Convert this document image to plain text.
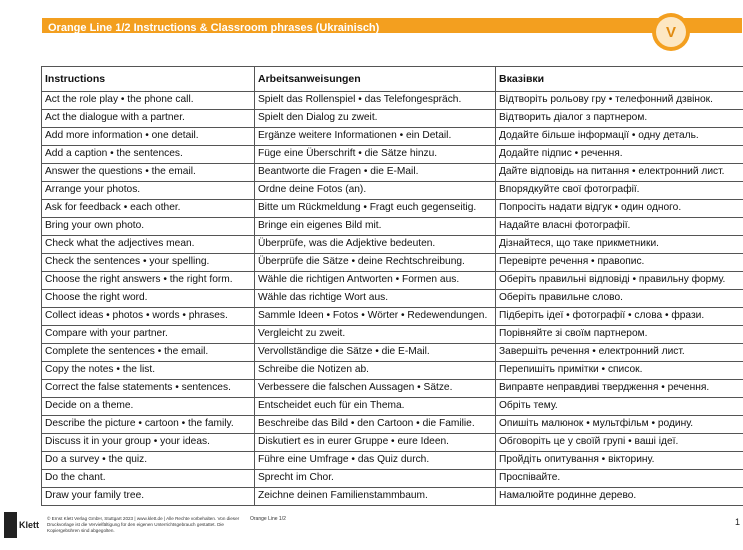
Orange Line 1/2 Instructions & Classroom phrases (Ukrainisch)	V
Instructions	Arbeitsanweisungen	Вказівки
Act the role play • the phone call.	Spielt das Rollenspiel • das Telefongespräch.	Відтворіть рольову гру • телефонний дзвінок.
Act the dialogue with a partner.	Spielt den Dialog zu zweit.	Відтворить діалог з партнером.
Add more information • one detail.	Ergänze weitere Informationen • ein Detail.	Додайте більше інформації • одну деталь.
Add a caption • the sentences.	Füge eine Überschrift • die Sätze hinzu.	Додайте підпис • речення.
Answer the questions • the email.	Beantworte die Fragen • die E-Mail.	Дайте відповідь на питання • електронний лист.
Arrange your photos.	Ordne deine Fotos (an).	Впорядкуйте свої фотографії.
Ask for feedback • each other.	Bitte um Rückmeldung • Fragt euch gegenseitig.	Попросіть надати відгук • один одного.
Bring your own photo.	Bringe ein eigenes Bild mit.	Надайте власні фотографії.
Check what the adjectives mean.	Überprüfe, was die Adjektive bedeuten.	Дізнайтеся, що таке прикметники.
Check the sentences • your spelling.	Überprüfe die Sätze • deine Rechtschreibung.	Перевірте речення • правопис.
Choose the right answers • the right form.	Wähle die richtigen Antworten • Formen aus.	Оберіть правильні відповіді • правильну форму.
Choose the right word.	Wähle das richtige Wort aus.	Оберіть правильне слово.
Collect ideas • photos • words • phrases.	Sammle Ideen • Fotos • Wörter • Redewendungen.	Підберіть ідеї • фотографії • слова • фрази.
Compare with your partner.	Vergleicht zu zweit.	Порівняйте зі своїм партнером.
Complete the sentences • the email.	Vervollständige die Sätze • die E-Mail.	Завершіть речення • електронний лист.
Copy the notes • the list.	Schreibe die Notizen ab.	Перепишіть примітки • список.
Correct the false statements • sentences.	Verbessere die falschen Aussagen • Sätze.	Виправте неправдиві твердження • речення.
Decide on a theme.	Entscheidet euch für ein Thema.	Обріть тему.
Describe the picture • cartoon • the family.	Beschreibe das Bild • den Cartoon • die Familie.	Опишіть малюнок • мультфільм • родину.
Discuss it in your group • your ideas.	Diskutiert es in eurer Gruppe • eure Ideen.	Обговоріть це у своїй групі • ваші ідеї.
Do a survey • the quiz.	Führe eine Umfrage • das Quiz durch.	Пройдіть опитування • вікторину.
Do the chant.	Sprecht im Chor.	Проспівайте.
Draw your family tree.	Zeichne deinen Familienstammbaum.	Намалюйте родинне дерево.
Klett
© Ernst Klett Verlag GmbH, Stuttgart 2023 | www.klett.de | Alle Rechte vorbehalten. Von dieser Druckvorlage ist die Vervielfältigung für den eigenen Unterrichtsgebrauch gestattet. Die Kopiergebühren sind abgegolten.
Orange Line 1/2	1
